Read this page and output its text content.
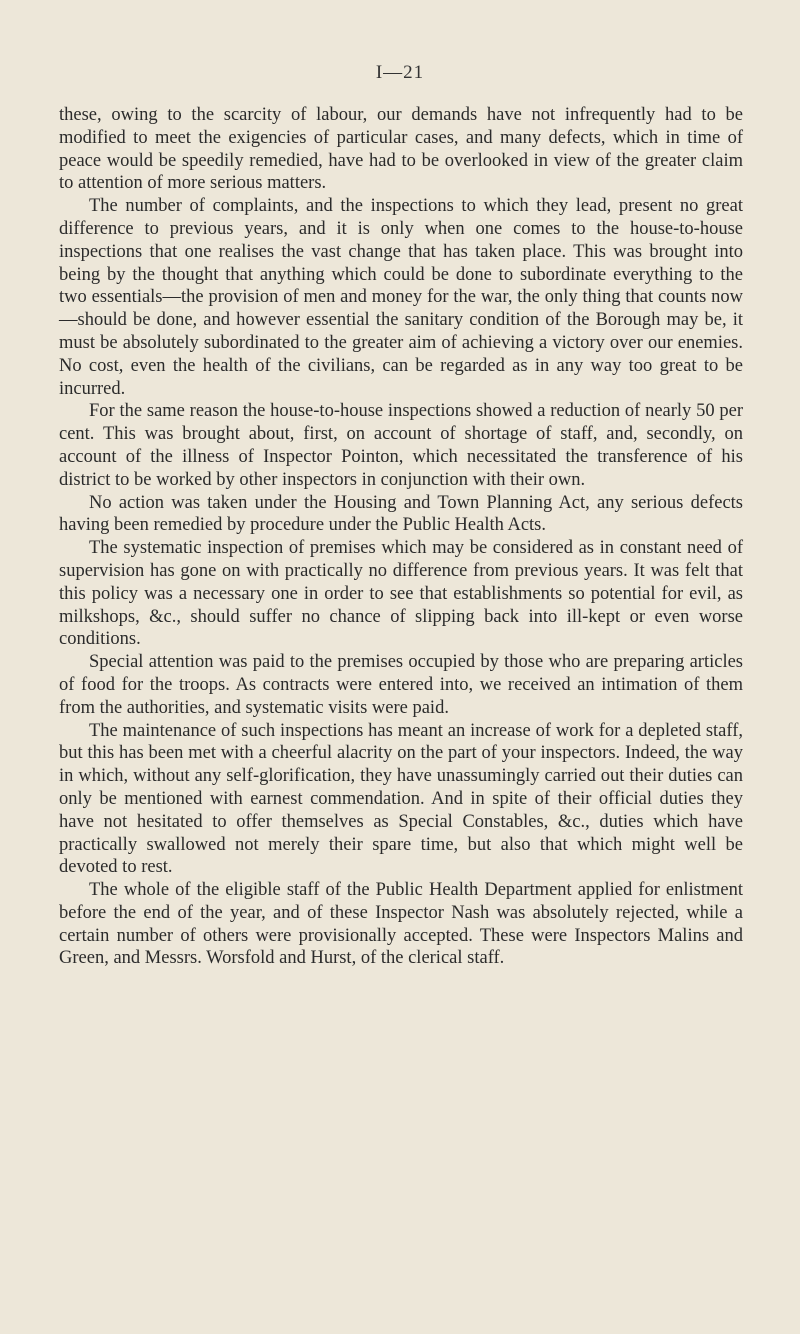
I—21

these, owing to the scarcity of labour, our demands have not infrequently had to be modified to meet the exigencies of particular cases, and many defects, which in time of peace would be speedily remedied, have had to be overlooked in view of the greater claim to attention of more serious matters.

The number of complaints, and the inspections to which they lead, present no great difference to previous years, and it is only when one comes to the house-to-house inspections that one realises the vast change that has taken place. This was brought into being by the thought that anything which could be done to subordinate everything to the two essentials—the provision of men and money for the war, the only thing that counts now—should be done, and however essential the sanitary condition of the Borough may be, it must be absolutely subordinated to the greater aim of achieving a victory over our enemies. No cost, even the health of the civilians, can be regarded as in any way too great to be incurred.

For the same reason the house-to-house inspections showed a reduction of nearly 50 per cent. This was brought about, first, on account of shortage of staff, and, secondly, on account of the illness of Inspector Pointon, which necessitated the transference of his district to be worked by other inspectors in conjunction with their own.

No action was taken under the Housing and Town Planning Act, any serious defects having been remedied by procedure under the Public Health Acts.

The systematic inspection of premises which may be considered as in constant need of supervision has gone on with practically no difference from previous years. It was felt that this policy was a necessary one in order to see that establishments so potential for evil, as milkshops, &c., should suffer no chance of slipping back into ill-kept or even worse conditions.

Special attention was paid to the premises occupied by those who are preparing articles of food for the troops. As contracts were entered into, we received an intimation of them from the authorities, and systematic visits were paid.

The maintenance of such inspections has meant an increase of work for a depleted staff, but this has been met with a cheerful alacrity on the part of your inspectors. Indeed, the way in which, without any self-glorification, they have unassumingly carried out their duties can only be mentioned with earnest commendation. And in spite of their official duties they have not hesitated to offer themselves as Special Constables, &c., duties which have practically swallowed not merely their spare time, but also that which might well be devoted to rest.

The whole of the eligible staff of the Public Health Department applied for enlistment before the end of the year, and of these Inspector Nash was absolutely rejected, while a certain number of others were provisionally accepted. These were Inspectors Malins and Green, and Messrs. Worsfold and Hurst, of the clerical staff.
